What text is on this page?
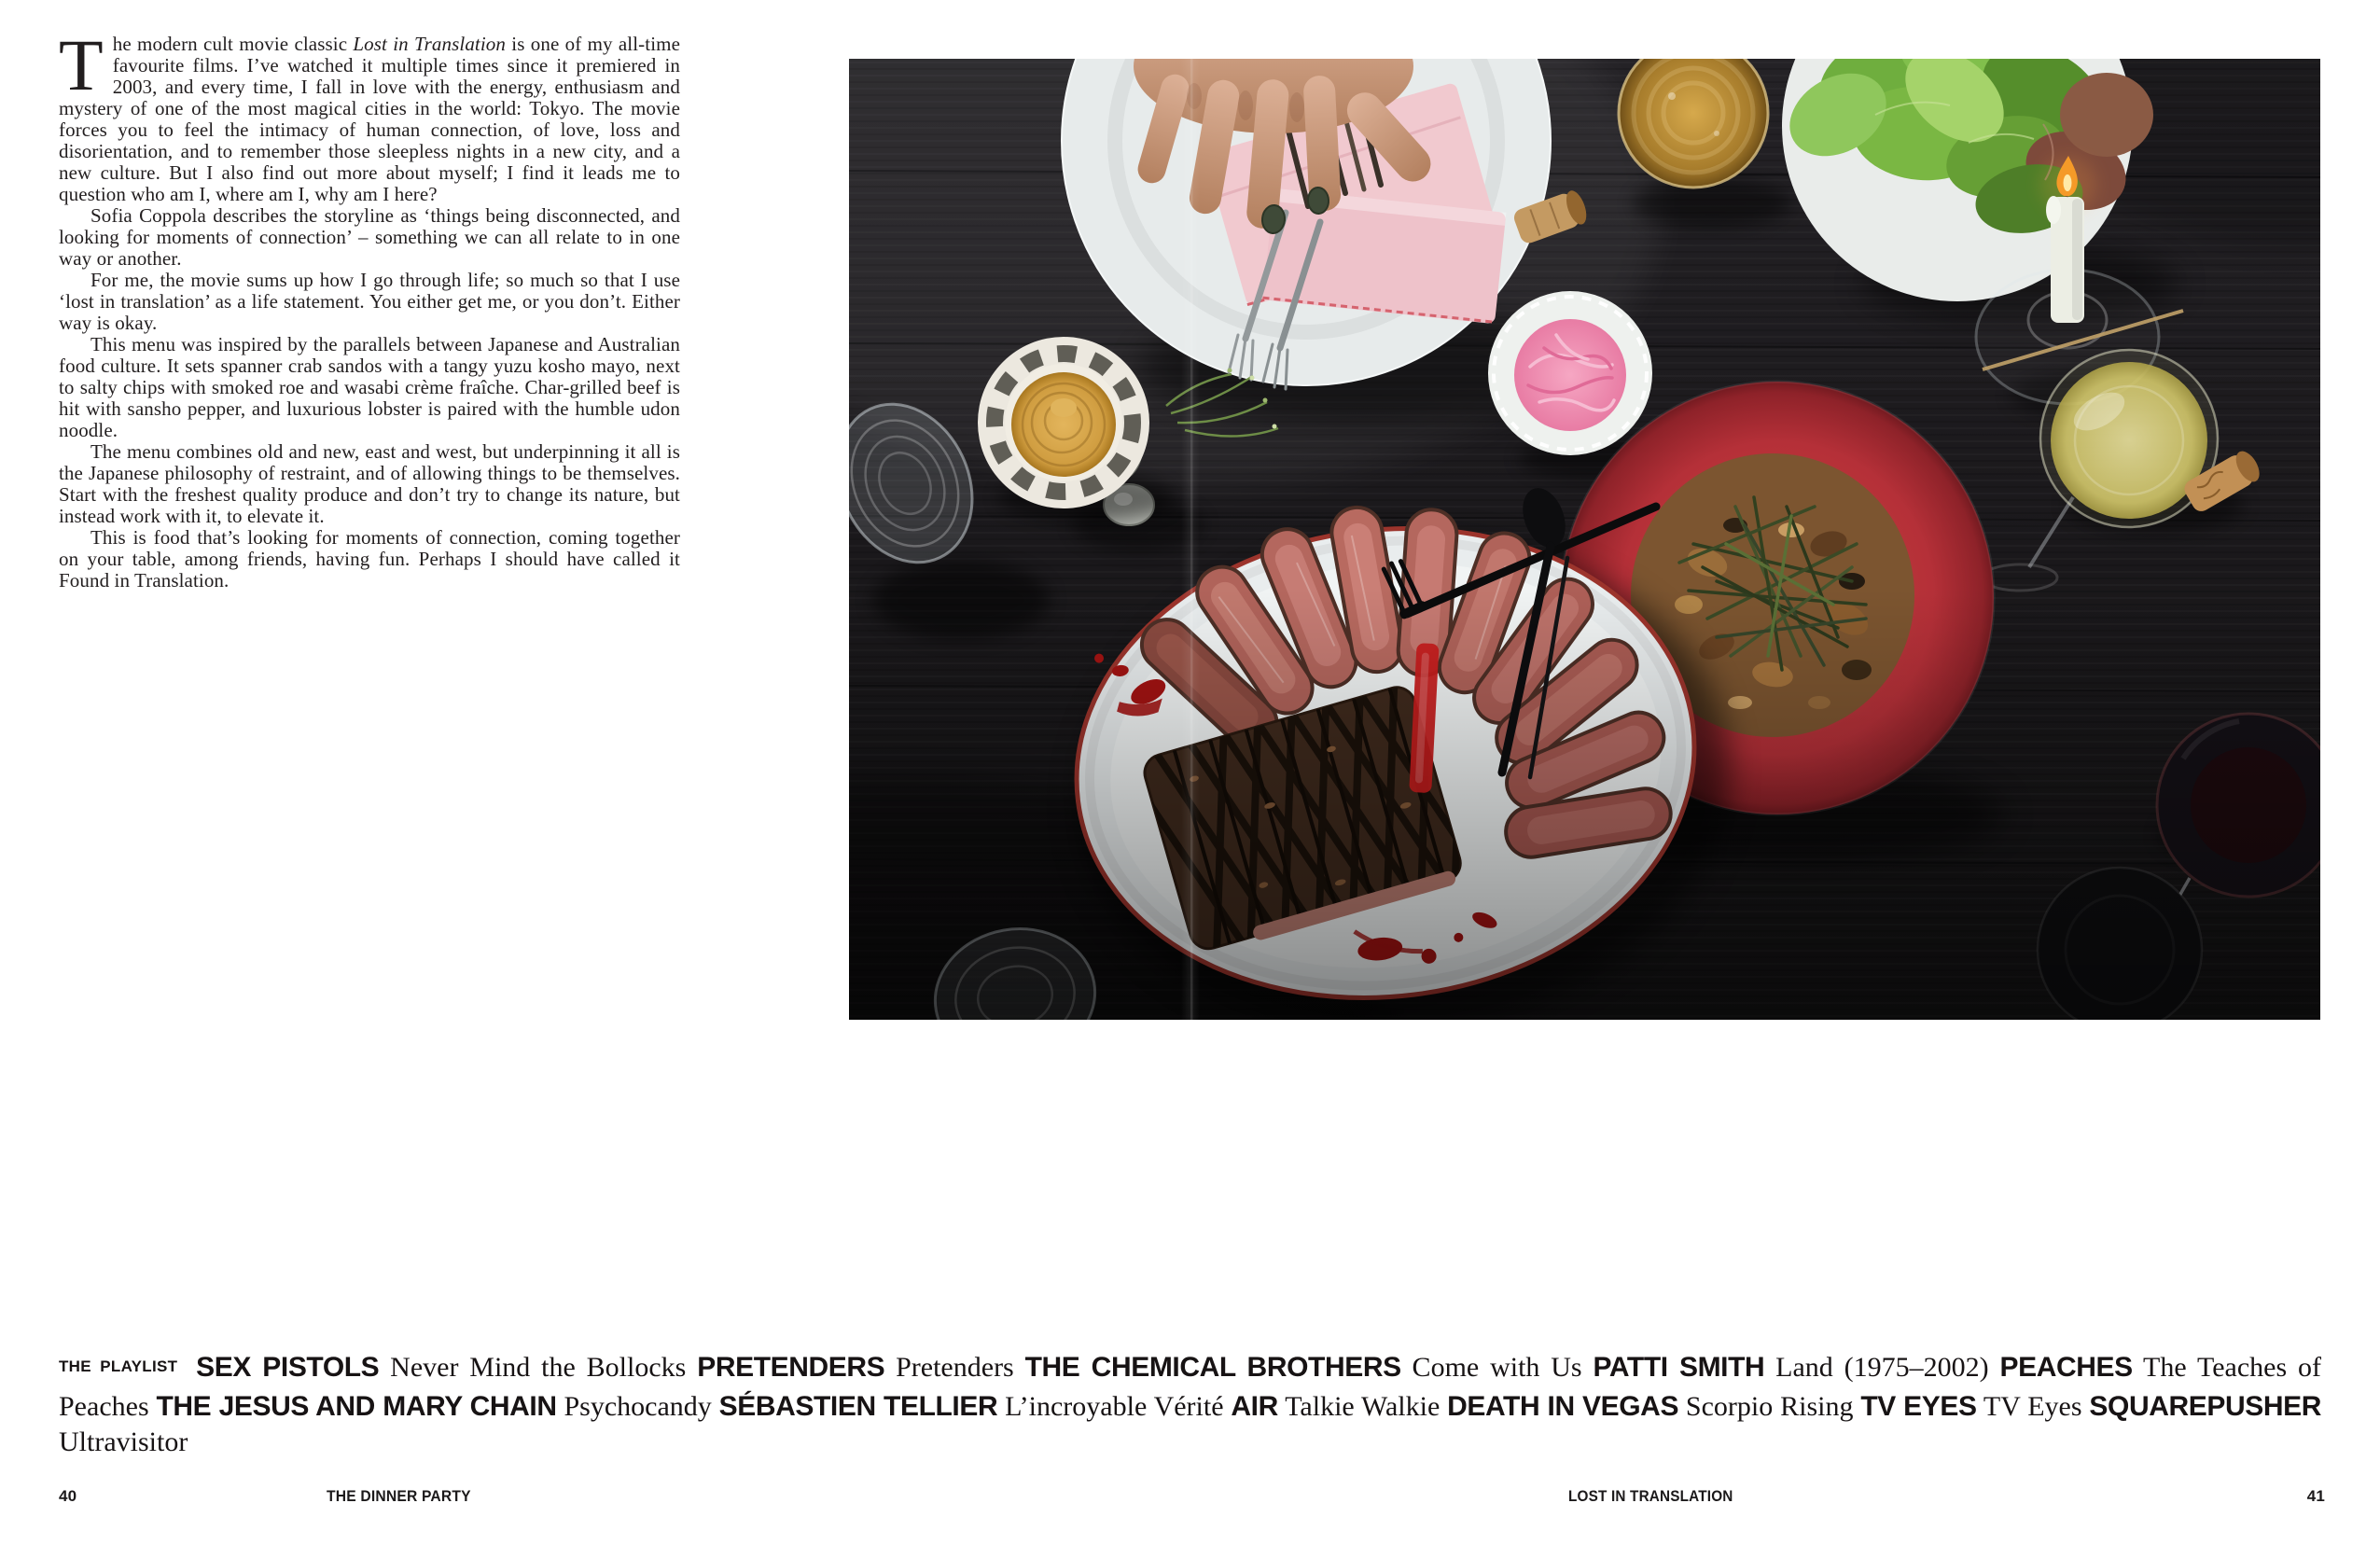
The modern cult movie classic Lost in Translation is one of my all-time favourite films. I’ve watched it multiple times since it premiered in 2003, and every time, I fall in love with the energy, enthusiasm and mystery of one of the most magical cities in the world: Tokyo. The movie forces you to feel the intimacy of human connection, of love, loss and disorientation, and to remember those sleepless nights in a new city, and a new culture. But I also find out more about myself; I find it leads me to question who am I, where am I, why am I here?

Sofia Coppola describes the storyline as ‘things being disconnected, and looking for moments of connection’ – something we can all relate to in one way or another.

For me, the movie sums up how I go through life; so much so that I use ‘lost in translation’ as a life statement. You either get me, or you don’t. Either way is okay.

This menu was inspired by the parallels between Japanese and Australian food culture. It sets spanner crab sandos with a tangy yuzu kosho mayo, next to salty chips with smoked roe and wasabi crème fraîche. Char-grilled beef is hit with sansho pepper, and luxurious lobster is paired with the humble udon noodle.

The menu combines old and new, east and west, but underpinning it all is the Japanese philosophy of restraint, and of allowing things to be themselves. Start with the freshest quality produce and don’t try to change its nature, but instead work with it, to elevate it.

This is food that’s looking for moments of connection, coming together on your table, among friends, having fun. Perhaps I should have called it Found in Translation.

THE PLAYLIST SEX PISTOLS Never Mind the Bollocks PRETENDERS Pretenders THE CHEMICAL BROTHERS Come with Us PATTI SMITH Land (1975–2002) PEACHES The Teaches of Peaches THE JESUS AND MARY CHAIN Psychocandy SÉBASTIEN TELLIER L’incroyable Vérité AIR Talkie Walkie DEATH IN VEGAS Scorpio Rising TV EYES TV Eyes SQUAREPUSHER Ultravisitor
40	THE DINNER PARTY	LOST IN TRANSLATION	41
